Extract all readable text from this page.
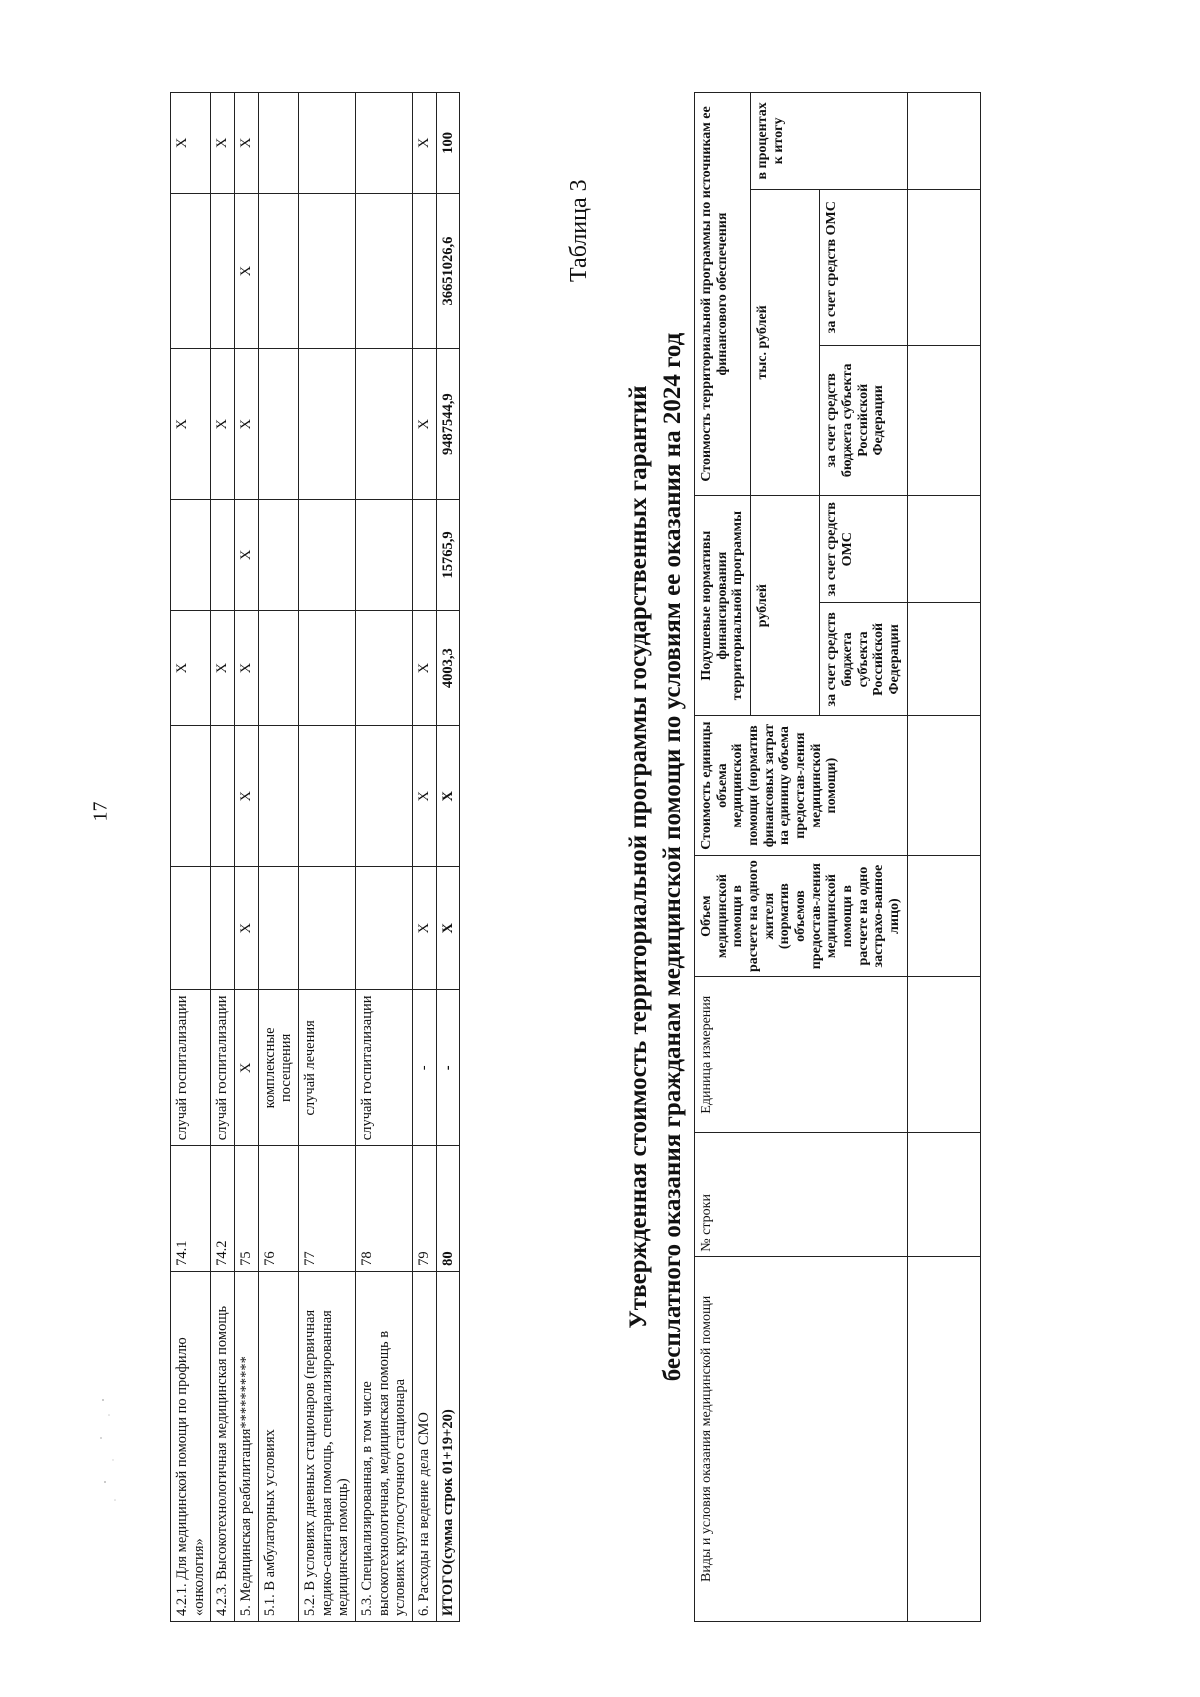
17
4.2.1. Для медицинской помощи по профилю «онкология»	74.1	случай госпитализации			X		X		X
4.2.3. Высокотехнологичная медицинская помощь	74.2	случай госпитализации			X		X		X
5. Медицинская реабилитация**********	75	X	X	X	X	X	X	X	X
5.1. В амбулаторных условиях	76	комплексные посещения							
5.2. В условиях дневных стационаров (первичная медико-санитарная помощь, специализированная медицинская помощь)	77	случай лечения							
5.3. Специализированная, в том числе высокотехнологичная, медицинская помощь в условиях круглосуточного стационара	78	случай госпитализации							
6. Расходы на ведение дела СМО	79	-	X	X	X		X		X
ИТОГО(сумма строк 01+19+20)	80	-	X	X	4003,3	15765,9	9487544,9	36651026,6	100
Таблица 3
Утвержденная стоимость территориальной программы государственных гарантий бесплатного оказания гражданам медицинской помощи по условиям ее оказания на 2024 год
Виды и условия оказания медицинской помощи	№ строки	Единица измерения	Объем медицинской помощи в расчете на одного жителя (норматив объемов предостав-ления медицинской помощи в расчете на одно застрахо-ванное лицо)	Стоимость единицы объема медицинской помощи (норматив финансовых затрат на единицу объема предостав-ления медицинской помощи)	Подушевые нормативы финансирования территориальной программы		Стоимость территориальной программы по источникам ее финансового обеспечения		
					рублей		тыс. рублей		в процентах к итогу
					за счет средств бюджета субъекта Российской Федерации	за счет средств ОМС	за счет средств бюджета субъекта Российской Федерации	за счет средств ОМС	
